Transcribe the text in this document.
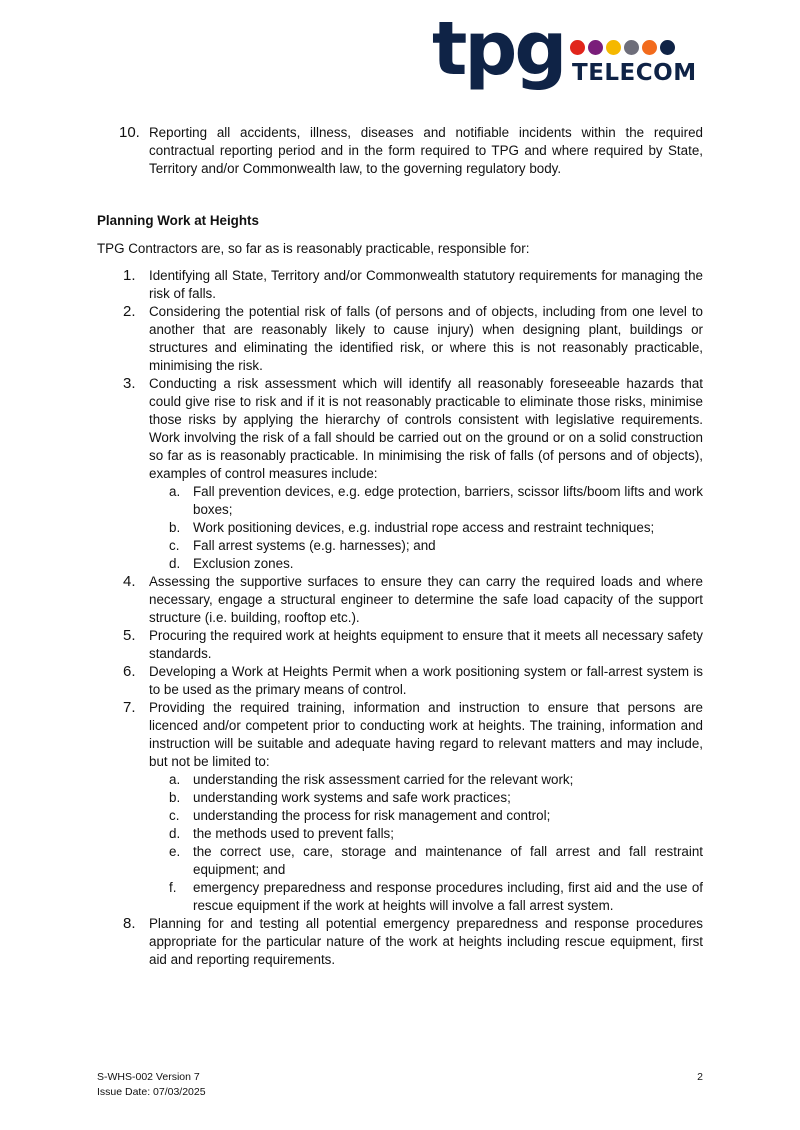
tpg TELECOM
10. Reporting all accidents, illness, diseases and notifiable incidents within the required contractual reporting period and in the form required to TPG and where required by State, Territory and/or Commonwealth law, to the governing regulatory body.
Planning Work at Heights
TPG Contractors are, so far as is reasonably practicable, responsible for:
1.	Identifying all State, Territory and/or Commonwealth statutory requirements for managing the risk of falls.
2.	Considering the potential risk of falls (of persons and of objects, including from one level to another that are reasonably likely to cause injury) when designing plant, buildings or structures and eliminating the identified risk, or where this is not reasonably practicable, minimising the risk.
3.	Conducting a risk assessment which will identify all reasonably foreseeable hazards that could give rise to risk and if it is not reasonably practicable to eliminate those risks, minimise those risks by applying the hierarchy of controls consistent with legislative requirements. Work involving the risk of a fall should be carried out on the ground or on a solid construction so far as is reasonably practicable. In minimising the risk of falls (of persons and of objects), examples of control measures include:
a. Fall prevention devices, e.g. edge protection, barriers, scissor lifts/boom lifts and work boxes;
b. Work positioning devices, e.g. industrial rope access and restraint techniques;
c.	Fall arrest systems (e.g. harnesses); and
d. Exclusion zones.
4.	Assessing the supportive surfaces to ensure they can carry the required loads and where necessary, engage a structural engineer to determine the safe load capacity of the support structure (i.e. building, rooftop etc.).
5.	Procuring the required work at heights equipment to ensure that it meets all necessary safety standards.
6.	Developing a Work at Heights Permit when a work positioning system or fall-arrest system is to be used as the primary means of control.
7.	Providing the required training, information and instruction to ensure that persons are licenced and/or competent prior to conducting work at heights. The training, information and instruction will be suitable and adequate having regard to relevant matters and may include, but not be limited to:
a. understanding the risk assessment carried for the relevant work;
b. understanding work systems and safe work practices;
c.	understanding the process for risk management and control;
d. the methods used to prevent falls;
e. the correct use, care, storage and maintenance of fall arrest and fall restraint equipment; and
f.	emergency preparedness and response procedures including, first aid and the use of rescue equipment if the work at heights will involve a fall arrest system.
8.	Planning for and testing all potential emergency preparedness and response procedures appropriate for the particular nature of the work at heights including rescue equipment, first aid and reporting requirements.
S-WHS-002 Version 7
Issue Date: 07/03/2025
2
